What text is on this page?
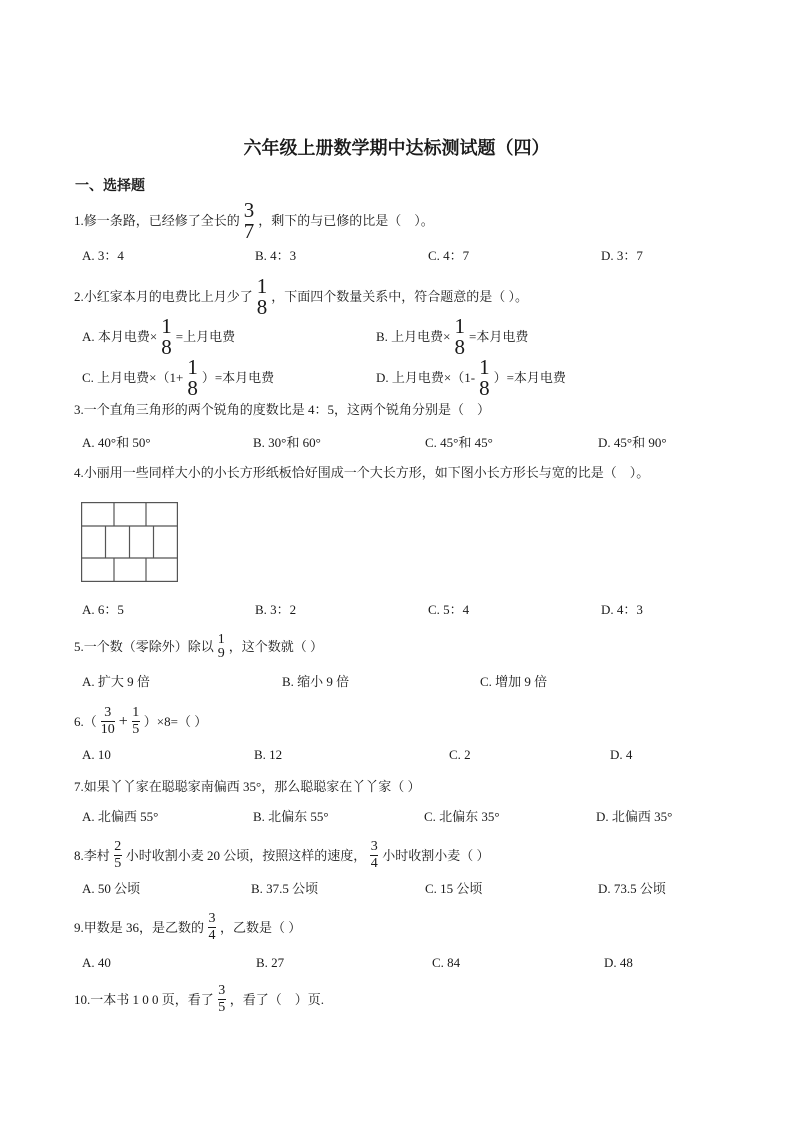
六年级上册数学期中达标测试题（四）
一、选择题
1. 修一条路，已经修了全长的 3
7 ，剩下的与已修的比是（　）。
A. 3：4	B. 4：3	C. 4：7	D. 3：7
2. 小红家本月的电费比上月少了 1
8 ，下面四个数量关系中，符合题意的是（ ）。
A. 本月电费× 1
8 =上月电费	B. 上月电费× 1
8 =本月电费
C. 上月电费×（1+ 1
8 ）=本月电费	D. 上月电费×（1- 1
8 ）=本月电费
3. 一个直角三角形的两个锐角的度数比是 4：5，这两个锐角分别是（　）
A. 40°和 50°	B. 30°和 60°	C. 45°和 45°	D. 45°和 90°
4. 小丽用一些同样大小的小长方形纸板恰好围成一个大长方形，如下图小长方形长与宽的比是（　）。
A. 6：5	B. 3：2	C. 5：4	D. 4：3
5. 一个数（零除外）除以 1
9 ，这个数就（ ）
A. 扩大 9 倍	B. 缩小 9 倍	C. 增加 9 倍
6. （ $\frac{3}{10} + \frac{1}{5} )\times 8=$（ ）
A. 10	B. 12	C. 2	D. 4
7. 如果丫丫家在聪聪家南偏西 35°，那么聪聪家在丫丫家（ ）
A. 北偏西 55°	B. 北偏东 55°	C. 北偏东 35°	D. 北偏西 35°
8. 李村 $\frac{2}{5}$ 小时收割小麦 20 公顷，按照这样的速度， $\frac{3}{4}$ 小时收割小麦（ ）
A. 50 公顷	B. 37.5 公顷	C. 15 公顷	D. 73.5 公顷
9. 甲数是 36，是乙数的 $\frac{3}{4}$ ，乙数是（ ）
A. 40	B. 27	C. 84	D. 48
10. 一本书 1 0 0 页，看了 $\frac{3}{5}$ ，看了（　）页.
